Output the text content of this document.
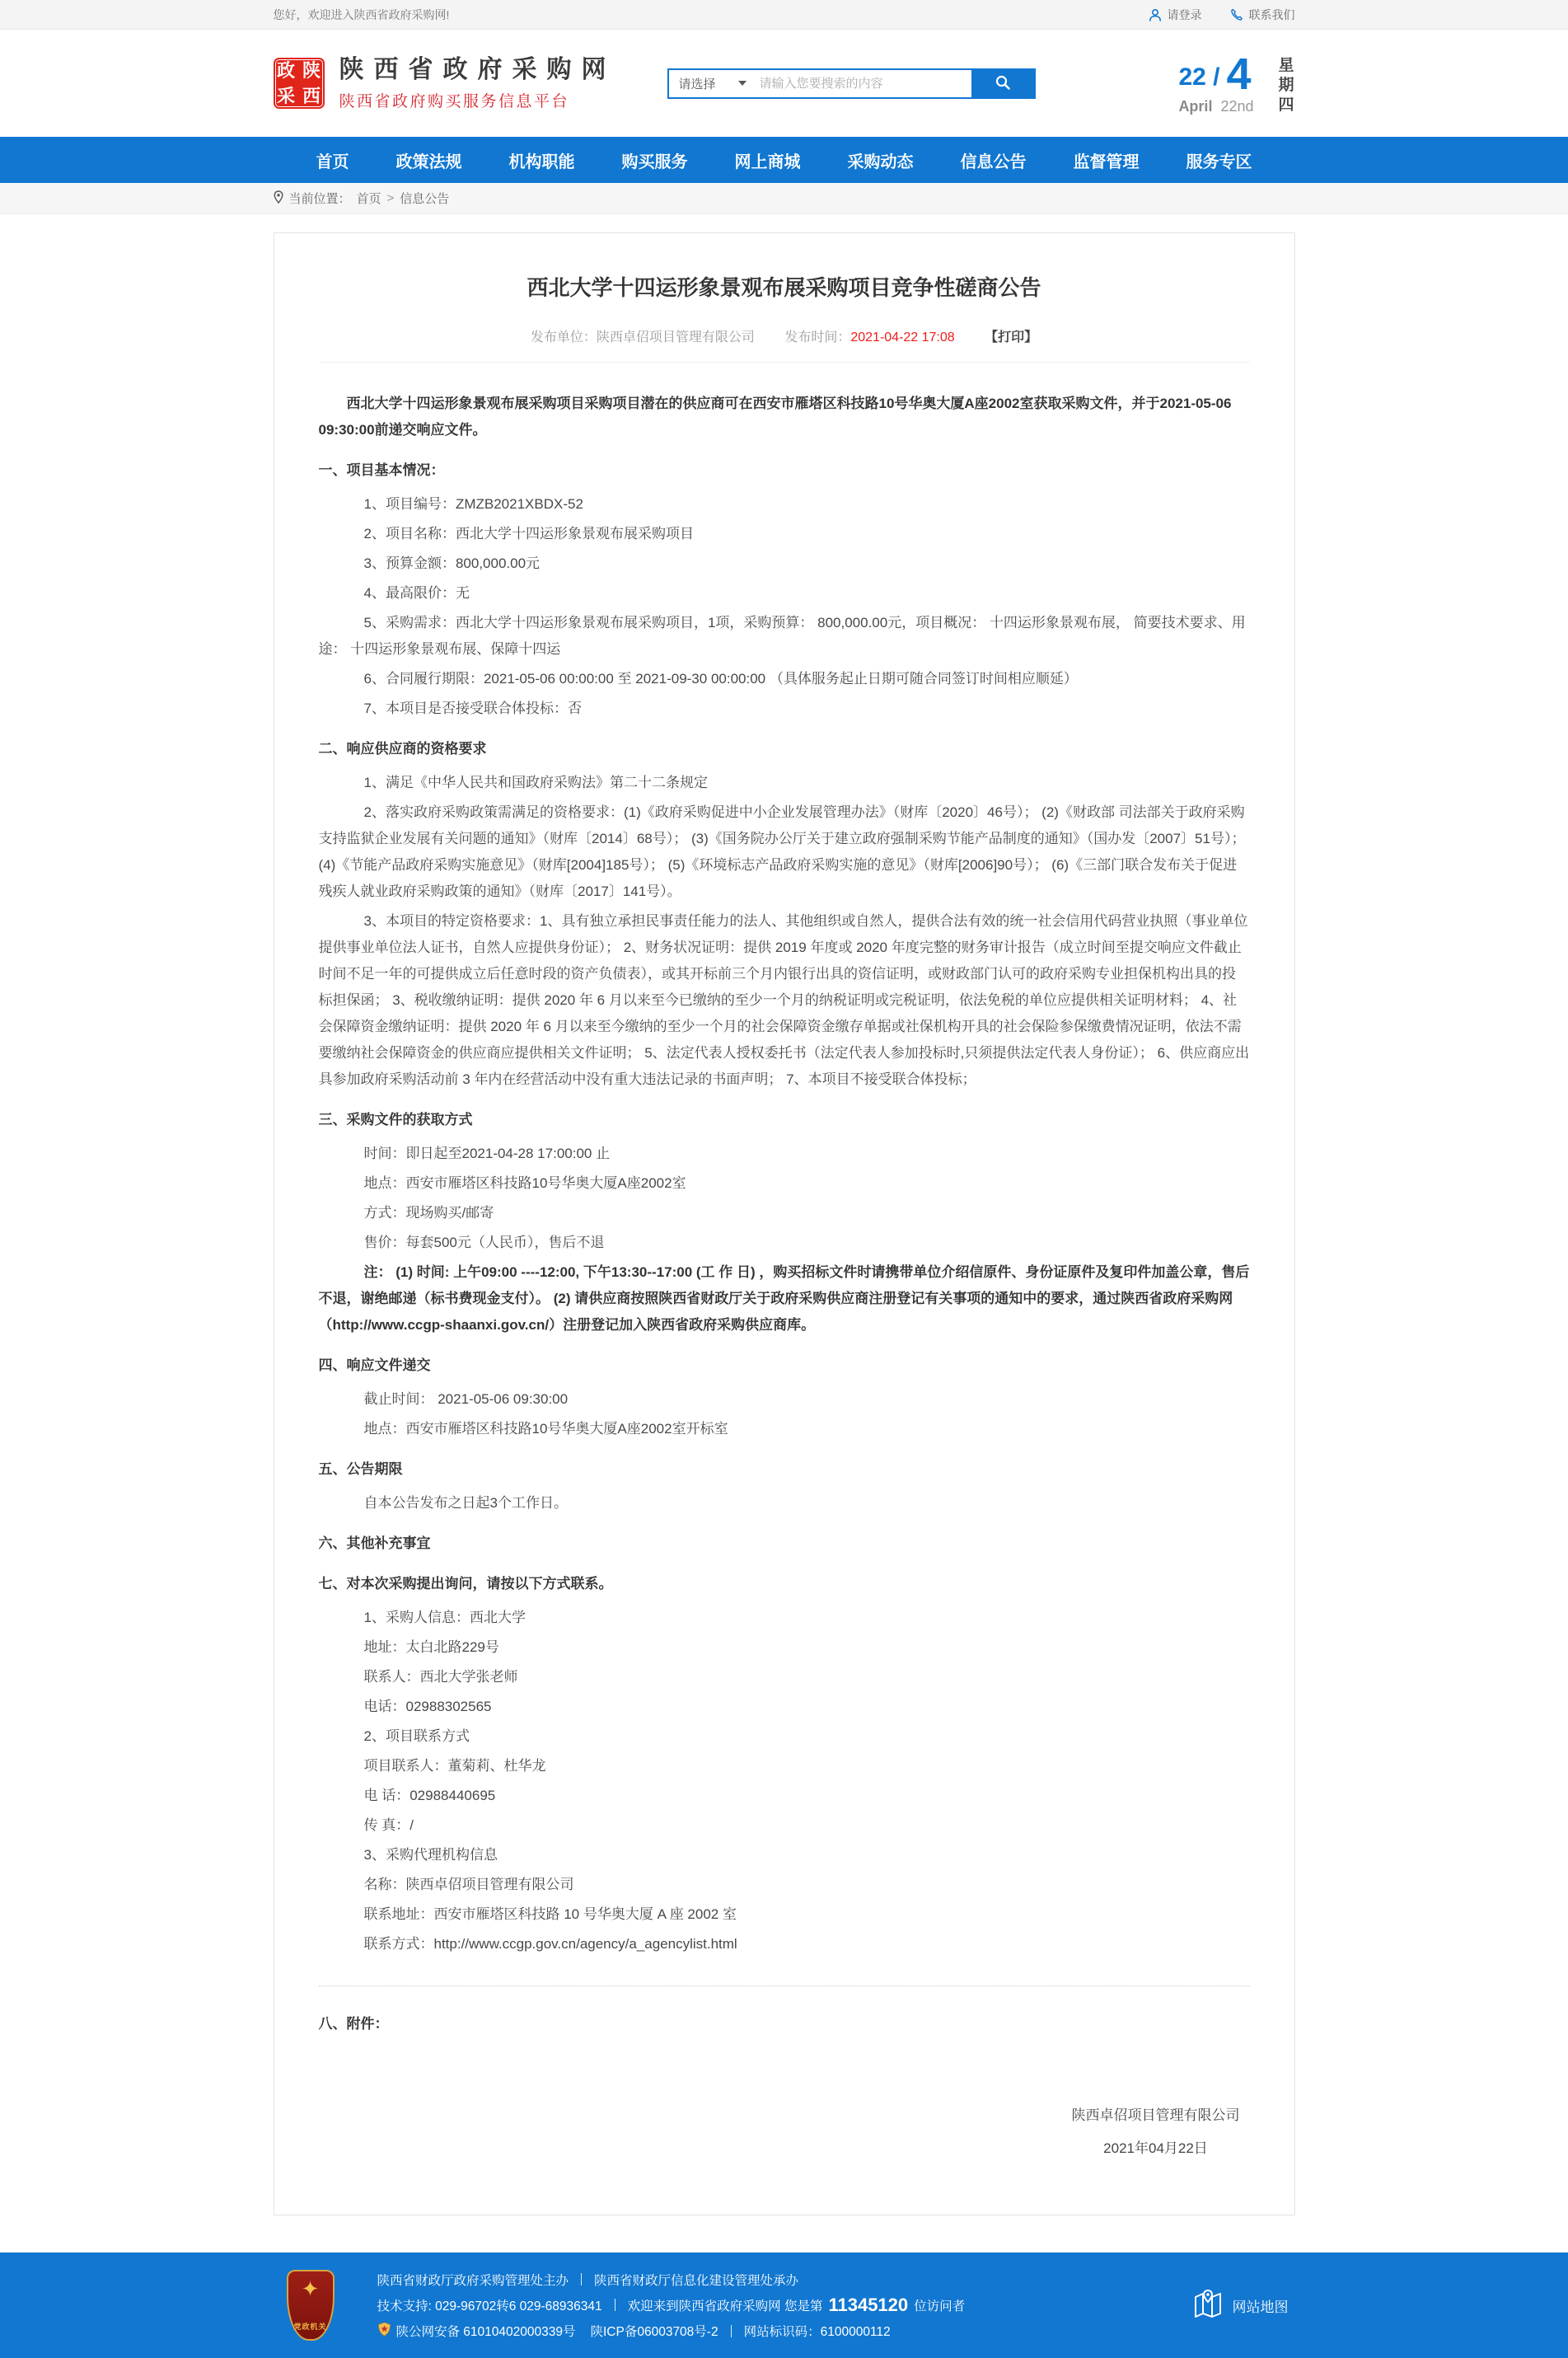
您好，欢迎进入陕西省政府采购网!	请登录	联系我们
政 陕
采 西
陕西省政府采购网
陕西省政府购买服务信息平台
请选择
请输入您要搜索的内容	22 / 4
April 22nd
星期四
首页	政策法规	机构职能	购买服务	网上商城	采购动态	信息公告	监督管理	服务专区
当前位置： 首页 > 信息公告
西北大学十四运形象景观布展采购项目竞争性磋商公告
发布单位：陕西卓佋项目管理有限公司 发布时间：2021-04-22 17:08 【打印】

西北大学十四运形象景观布展采购项目采购项目潜在的供应商可在西安市雁塔区科技路10号华奥大厦A座2002室获取采购文件，并于2021-05-06 09:30:00前递交响应文件。

一、项目基本情况：

1、项目编号：ZMZB2021XBDX-52

2、项目名称：西北大学十四运形象景观布展采购项目

3、预算金额：800,000.00元

4、最高限价：无

5、采购需求：西北大学十四运形象景观布展采购项目，1项，采购预算： 800,000.00元，项目概况： 十四运形象景观布展， 简要技术要求、用途： 十四运形象景观布展、保障十四运

6、合同履行期限：2021-05-06 00:00:00 至 2021-09-30 00:00:00 （具体服务起止日期可随合同签订时间相应顺延）

7、本项目是否接受联合体投标：否

二、响应供应商的资格要求

1、满足《中华人民共和国政府采购法》第二十二条规定

2、落实政府采购政策需满足的资格要求：(1)《政府采购促进中小企业发展管理办法》（财库〔2020〕46号）； (2)《财政部 司法部关于政府采购支持监狱企业发展有关问题的通知》（财库〔2014〕68号）； (3)《国务院办公厅关于建立政府强制采购节能产品制度的通知》（国办发〔2007〕51号）； (4)《节能产品政府采购实施意见》（财库[2004]185号）； (5)《环境标志产品政府采购实施的意见》（财库[2006]90号）； (6)《三部门联合发布关于促进残疾人就业政府采购政策的通知》（财库〔2017〕141号）。

3、本项目的特定资格要求：1、具有独立承担民事责任能力的法人、其他组织或自然人，提供合法有效的统一社会信用代码营业执照（事业单位提供事业单位法人证书，自然人应提供身份证）； 2、财务状况证明：提供 2019 年度或 2020 年度完整的财务审计报告（成立时间至提交响应文件截止时间不足一年的可提供成立后任意时段的资产负债表），或其开标前三个月内银行出具的资信证明，或财政部门认可的政府采购专业担保机构出具的投标担保函； 3、税收缴纳证明：提供 2020 年 6 月以来至今已缴纳的至少一个月的纳税证明或完税证明，依法免税的单位应提供相关证明材料； 4、社会保障资金缴纳证明：提供 2020 年 6 月以来至今缴纳的至少一个月的社会保障资金缴存单据或社保机构开具的社会保险参保缴费情况证明，依法不需要缴纳社会保障资金的供应商应提供相关文件证明； 5、法定代表人授权委托书（法定代表人参加投标时,只须提供法定代表人身份证）； 6、供应商应出具参加政府采购活动前 3 年内在经营活动中没有重大违法记录的书面声明； 7、本项目不接受联合体投标；

三、采购文件的获取方式

时间：即日起至2021-04-28 17:00:00 止

地点：西安市雁塔区科技路10号华奥大厦A座2002室

方式：现场购买/邮寄

售价：每套500元（人民币），售后不退

注： (1) 时间: 上午09:00 ----12:00, 下午13:30--17:00 (工 作 日) ，购买招标文件时请携带单位介绍信原件、身份证原件及复印件加盖公章，售后不退，谢绝邮递（标书费现金支付）。 (2) 请供应商按照陕西省财政厅关于政府采购供应商注册登记有关事项的通知中的要求，通过陕西省政府采购网（http://www.ccgp-shaanxi.gov.cn/）注册登记加入陕西省政府采购供应商库。

四、响应文件递交

截止时间： 2021-05-06 09:30:00

地点：西安市雁塔区科技路10号华奥大厦A座2002室开标室

五、公告期限

自本公告发布之日起3个工作日。

六、其他补充事宜
七、对本次采购提出询问，请按以下方式联系。

1、采购人信息：西北大学

地址：太白北路229号

联系人：西北大学张老师

电话：02988302565

2、项目联系方式

项目联系人：董菊莉、杜华龙

电 话：02988440695

传 真：/

3、采购代理机构信息

名称：陕西卓佋项目管理有限公司

联系地址：西安市雁塔区科技路 10 号华奥大厦 A 座 2002 室

联系方式：http://www.ccgp.gov.cn/agency/a_agencylist.html

八、附件：
陕西卓佋项目管理有限公司
2021年04月22日
✦
党政机关
陕西省财政厅政府采购管理处主办 陕西省财政厅信息化建设管理处承办
技术支持: 029-96702转6 029-68936341 欢迎来到陕西省政府采购网 您是第 11345120 位访问者
陕公网安备 61010402000339号 陕ICP备06003708号-2 网站标识码：6100000112
网站地图
